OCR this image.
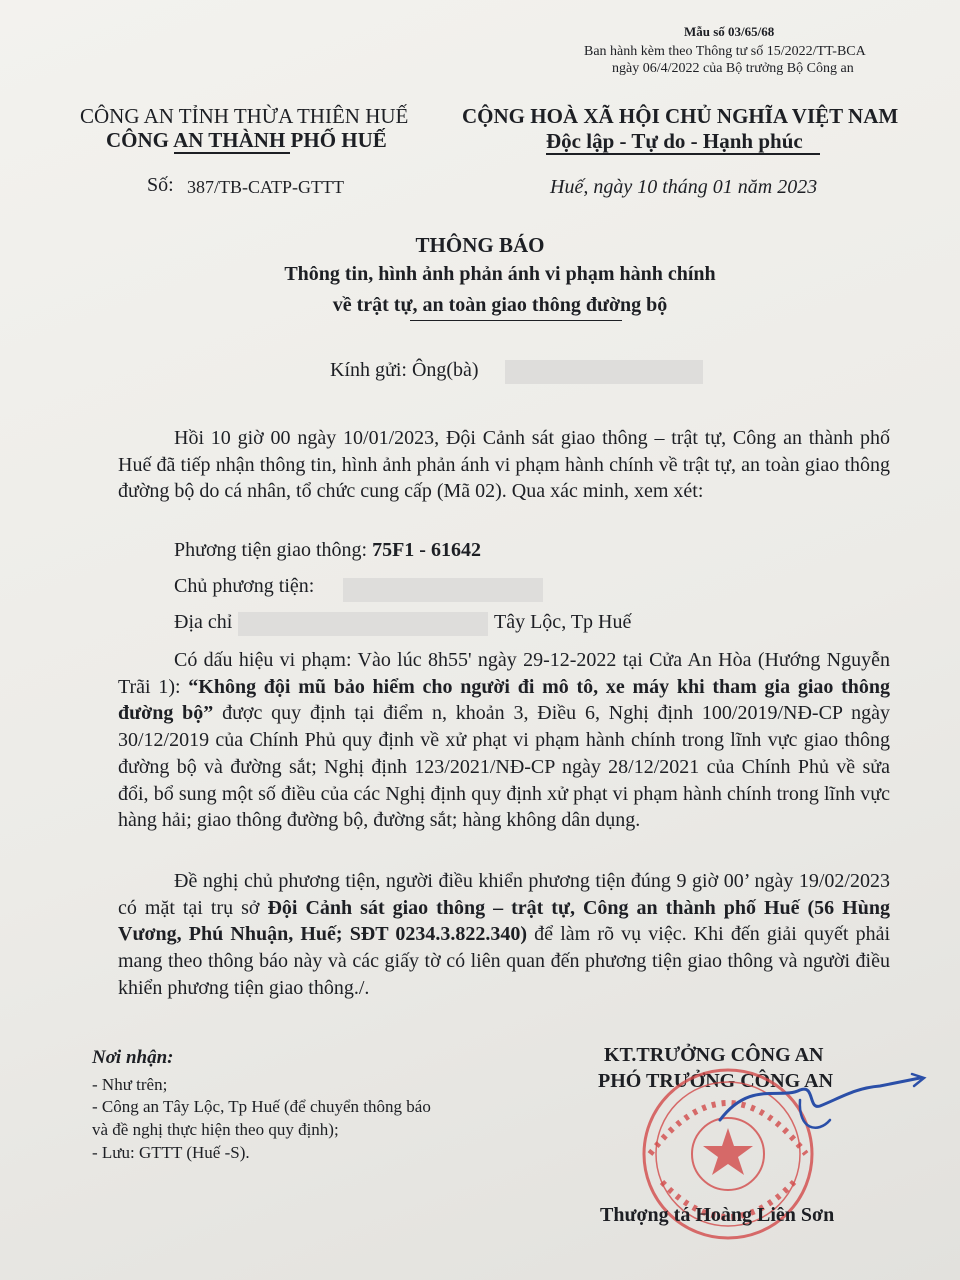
Mẫu số 03/65/68
Ban hành kèm theo Thông tư số 15/2022/TT-BCA
ngày 06/4/2022 của Bộ trưởng Bộ Công an
CÔNG AN TỈNH THỪA THIÊN HUẾ
CÔNG AN THÀNH PHỐ HUẾ
CỘNG HOÀ XÃ HỘI CHỦ NGHĨA VIỆT NAM
Độc lập - Tự do - Hạnh phúc
Số: 387/TB-CATP-GTTT	Huế, ngày 10 tháng 01 năm 2023
THÔNG BÁO
Thông tin, hình ảnh phản ánh vi phạm hành chính
về trật tự, an toàn giao thông đường bộ
Kính gửi: Ông(bà)
Hồi 10 giờ 00 ngày 10/01/2023, Đội Cảnh sát giao thông – trật tự, Công an thành phố Huế đã tiếp nhận thông tin, hình ảnh phản ánh vi phạm hành chính về trật tự, an toàn giao thông đường bộ do cá nhân, tổ chức cung cấp (Mã 02). Qua xác minh, xem xét:
Phương tiện giao thông: 75F1 - 61642
Chủ phương tiện:
Địa chỉ	Tây Lộc, Tp Huế
Có dấu hiệu vi phạm: Vào lúc 8h55' ngày 29-12-2022 tại Cửa An Hòa (Hướng Nguyễn Trãi 1): “Không đội mũ bảo hiểm cho người đi mô tô, xe máy khi tham gia giao thông đường bộ” được quy định tại điểm n, khoản 3, Điều 6, Nghị định 100/2019/NĐ-CP ngày 30/12/2019 của Chính Phủ quy định về xử phạt vi phạm hành chính trong lĩnh vực giao thông đường bộ và đường sắt; Nghị định 123/2021/NĐ-CP ngày 28/12/2021 của Chính Phủ về sửa đổi, bổ sung một số điều của các Nghị định quy định xử phạt vi phạm hành chính trong lĩnh vực hàng hải; giao thông đường bộ, đường sắt; hàng không dân dụng.
Đề nghị chủ phương tiện, người điều khiển phương tiện đúng 9 giờ 00’ ngày 19/02/2023 có mặt tại trụ sở Đội Cảnh sát giao thông – trật tự, Công an thành phố Huế (56 Hùng Vương, Phú Nhuận, Huế; SĐT 0234.3.822.340) để làm rõ vụ việc. Khi đến giải quyết phải mang theo thông báo này và các giấy tờ có liên quan đến phương tiện giao thông và người điều khiển phương tiện giao thông./.
Nơi nhận:
- Như trên;
- Công an Tây Lộc, Tp Huế (để chuyển thông báo
và đề nghị thực hiện theo quy định);
- Lưu: GTTT (Huế -S).
KT.TRƯỞNG CÔNG AN
PHÓ TRƯỞNG CÔNG AN
Thượng tá Hoàng Liên Sơn
